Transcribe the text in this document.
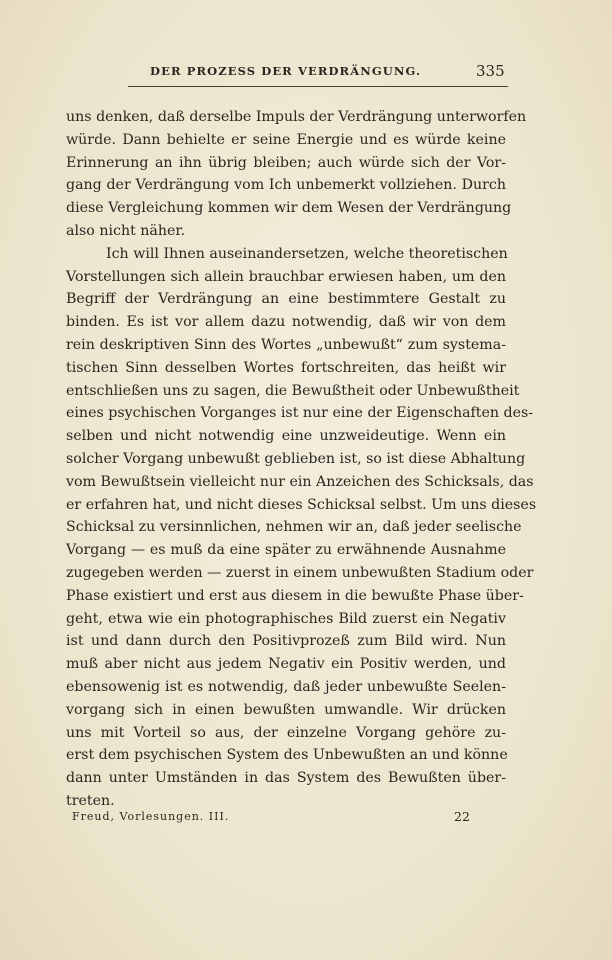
DER PROZESS DER VERDRÄNGUNG.	335
uns denken, daß derselbe Impuls der Verdrängung unterworfen
würde. Dann behielte er seine Energie und es würde keine
Erinnerung an ihn übrig bleiben; auch würde sich der Vor-
gang der Verdrängung vom Ich unbemerkt vollziehen. Durch
diese Vergleichung kommen wir dem Wesen der Verdrängung
also nicht näher.
Ich will Ihnen auseinandersetzen, welche theoretischen
Vorstellungen sich allein brauchbar erwiesen haben, um den
Begriff der Verdrängung an eine bestimmtere Gestalt zu
binden. Es ist vor allem dazu notwendig, daß wir von dem
rein deskriptiven Sinn des Wortes „unbewußt“ zum systema-
tischen Sinn desselben Wortes fortschreiten, das heißt wir
entschließen uns zu sagen, die Bewußtheit oder Unbewußtheit
eines psychischen Vorganges ist nur eine der Eigenschaften des-
selben und nicht notwendig eine unzweideutige. Wenn ein
solcher Vorgang unbewußt geblieben ist, so ist diese Abhaltung
vom Bewußtsein vielleicht nur ein Anzeichen des Schicksals, das
er erfahren hat, und nicht dieses Schicksal selbst. Um uns dieses
Schicksal zu versinnlichen, nehmen wir an, daß jeder seelische
Vorgang — es muß da eine später zu erwähnende Ausnahme
zugegeben werden — zuerst in einem unbewußten Stadium oder
Phase existiert und erst aus diesem in die bewußte Phase über-
geht, etwa wie ein photographisches Bild zuerst ein Negativ
ist und dann durch den Positivprozeß zum Bild wird. Nun
muß aber nicht aus jedem Negativ ein Positiv werden, und
ebensowenig ist es notwendig, daß jeder unbewußte Seelen-
vorgang sich in einen bewußten umwandle. Wir drücken
uns mit Vorteil so aus, der einzelne Vorgang gehöre zu-
erst dem psychischen System des Unbewußten an und könne
dann unter Umständen in das System des Bewußten über-
treten.
Freud, Vorlesungen. III.	22
